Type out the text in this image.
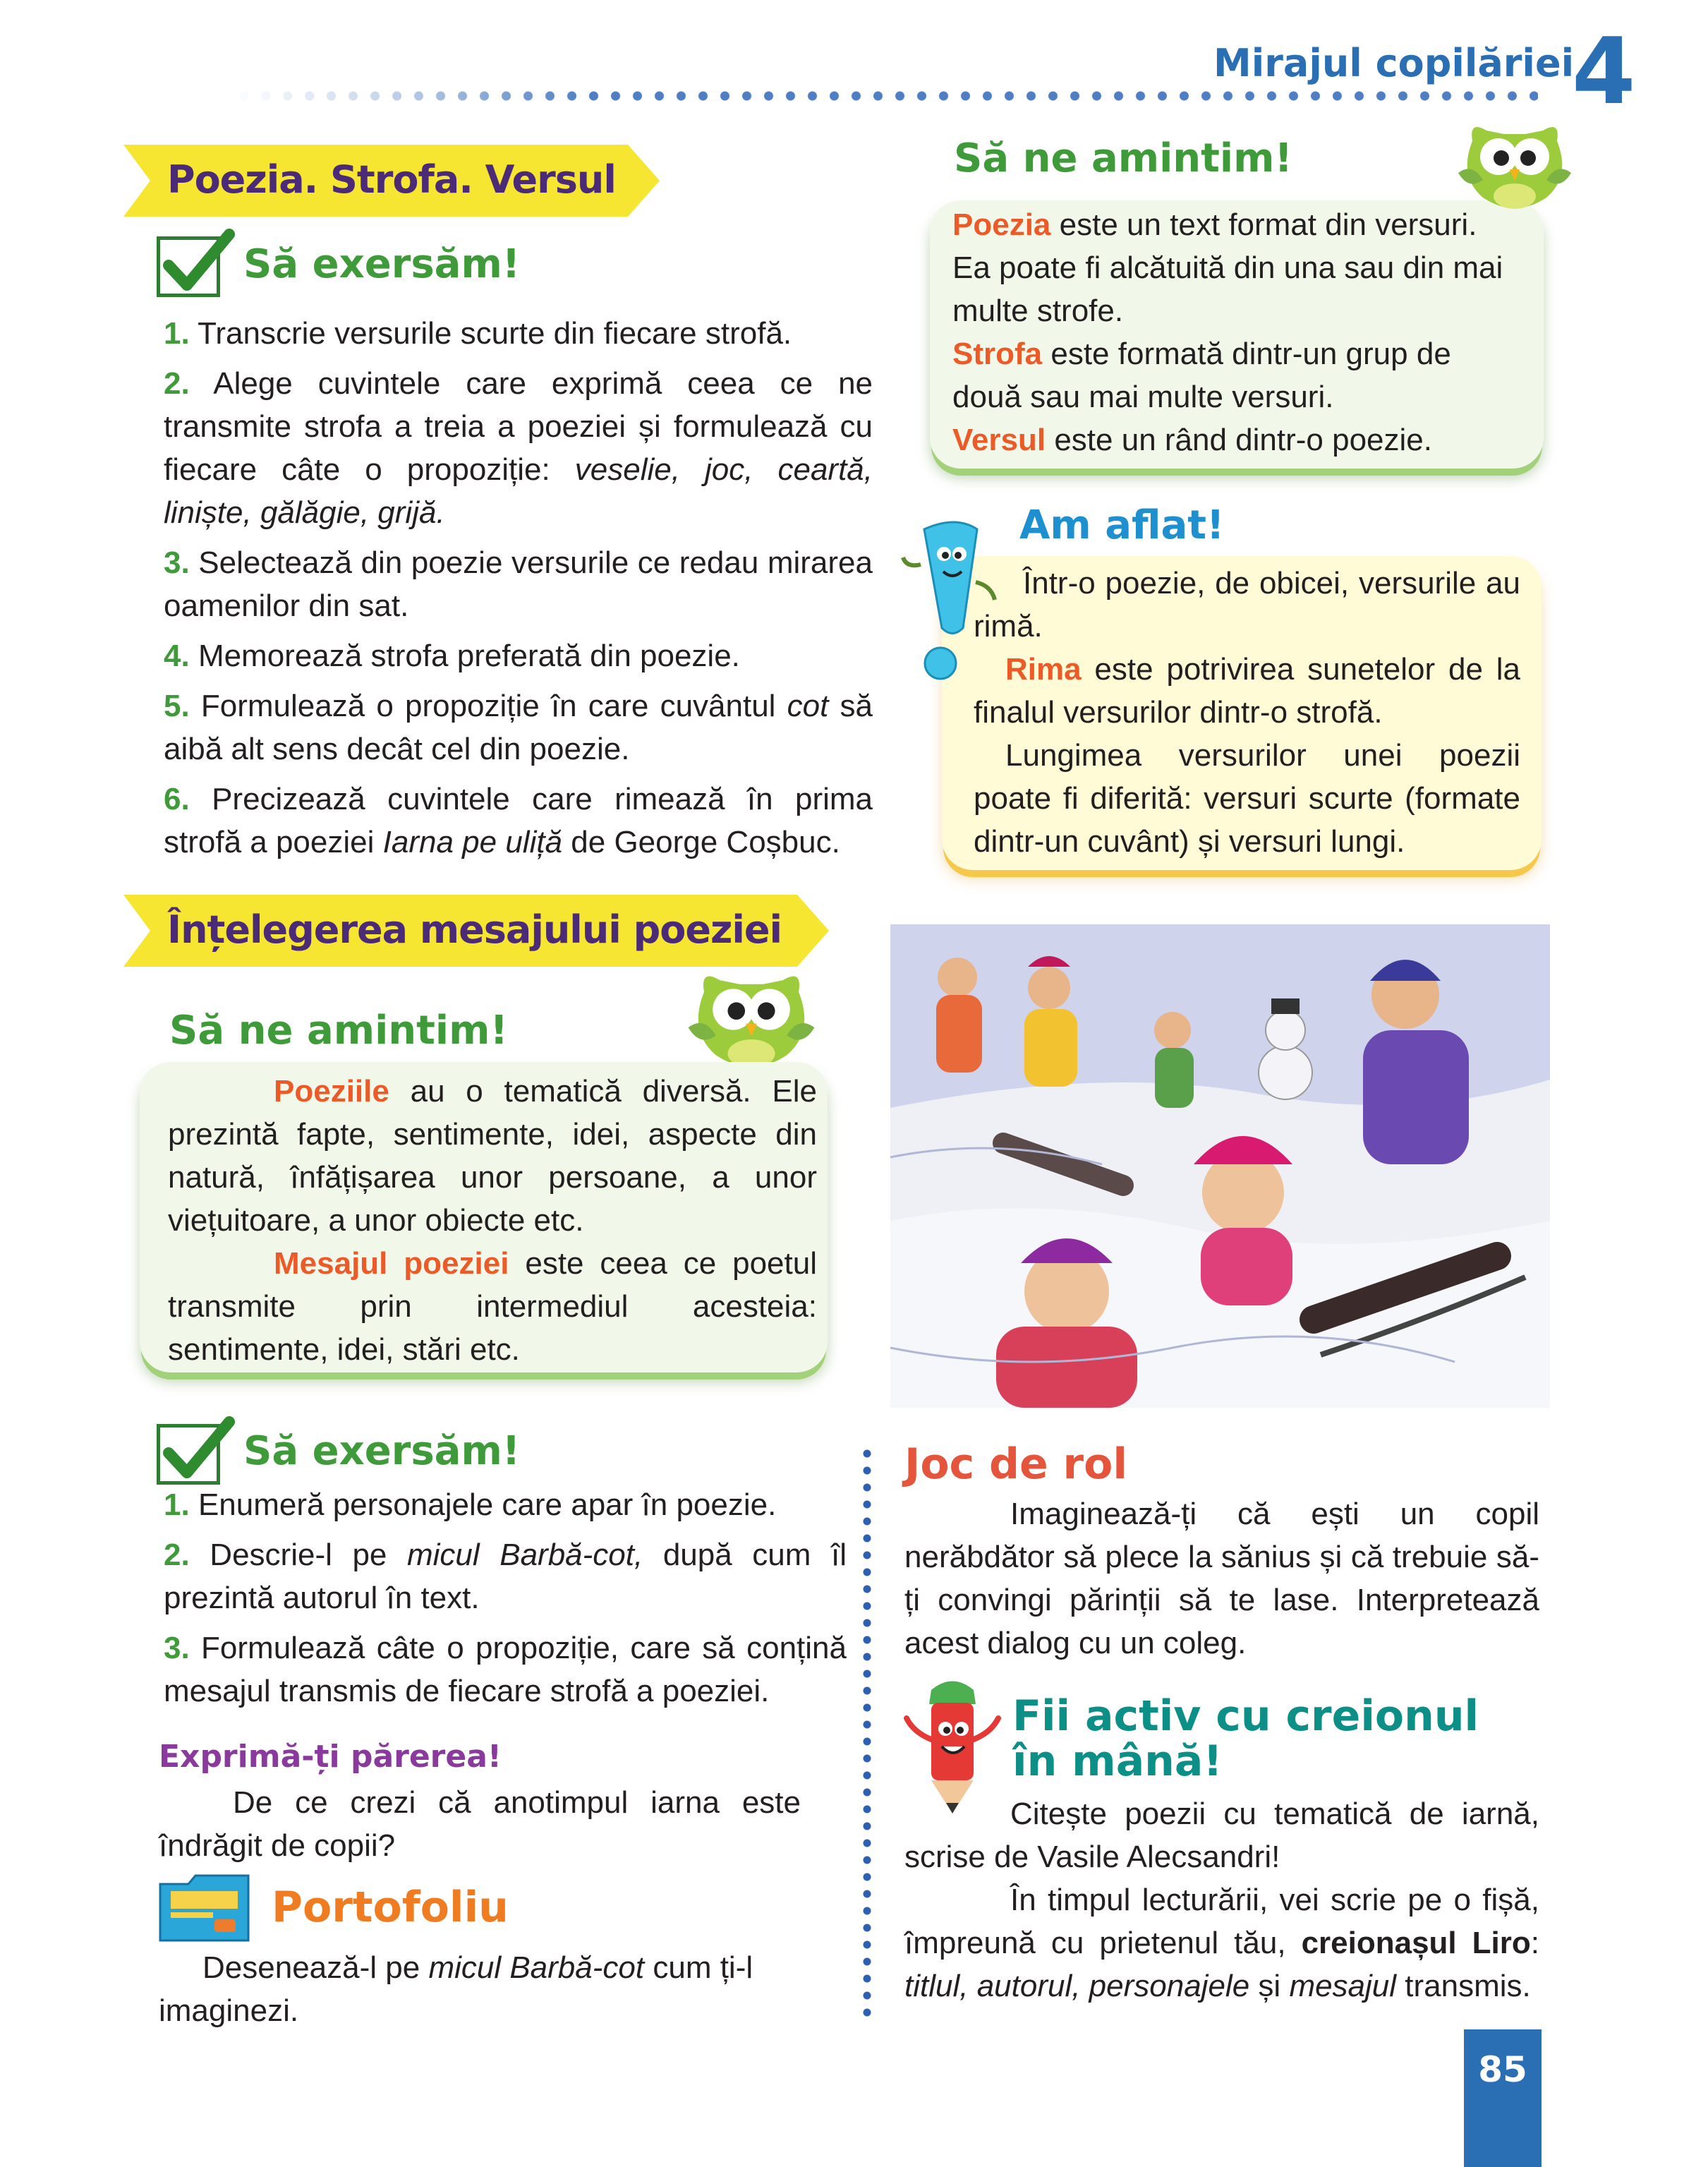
Mirajul copilăriei
4
Poezia. Strofa. Versul
Să exersăm!
1. Transcrie versurile scurte din fiecare strofă.
2. Alege cuvintele care exprimă ceea ce ne transmite strofa a treia a poeziei și formulează cu fiecare câte o propoziție: veselie, joc, ceartă, liniște, gălăgie, grijă.
3. Selectează din poezie versurile ce redau mirarea oamenilor din sat.
4. Memorează strofa preferată din poezie.
5. Formulează o propoziție în care cuvântul cot să aibă alt sens decât cel din poezie.
6. Precizează cuvintele care rimează în prima strofă a poeziei Iarna pe uliță de George Coșbuc.
Să ne amintim!
Poezia este un text format din versuri. Ea poate fi alcătuită din una sau din mai multe strofe.
Strofa este formată dintr-un grup de două sau mai multe versuri.
Versul este un rând dintr-o poezie.
Am aflat!
Într-o poezie, de obicei, versurile au rimă.
Rima este potrivirea sunetelor de la finalul versurilor dintr-o strofă.
Lungimea versurilor unei poezii poate fi diferită: versuri scurte (formate dintr-un cuvânt) și versuri lungi.
Înțelegerea mesajului poeziei
Să ne amintim!
Poeziile au o tematică diversă. Ele prezintă fapte, sentimente, idei, aspecte din natură, înfățișarea unor persoane, a unor viețuitoare, a unor obiecte etc.
Mesajul poeziei este ceea ce poetul transmite prin intermediul acesteia: sentimente, idei, stări etc.
Să exersăm!
1. Enumeră personajele care apar în poezie.
2. Descrie-l pe micul Barbă-cot, după cum îl prezintă autorul în text.
3. Formulează câte o propoziție, care să conțină mesajul transmis de fiecare strofă a poeziei.
Exprimă-ți părerea!
De ce crezi că anotimpul iarna este îndrăgit de copii?
Portofoliu
Desenează-l pe micul Barbă-cot cum ți-l imaginezi.
Joc de rol
Imaginează-ți că ești un copil nerăbdător să plece la sănius și că trebuie să-ți convingi părinții să te lase. Interpretează acest dialog cu un coleg.
Fii activ cu creionul în mână!
Citește poezii cu tematică de iarnă, scrise de Vasile Alecsandri!
În timpul lecturării, vei scrie pe o fișă, împreună cu prietenul tău, creionașul Liro: titlul, autorul, personajele și mesajul transmis.
85
